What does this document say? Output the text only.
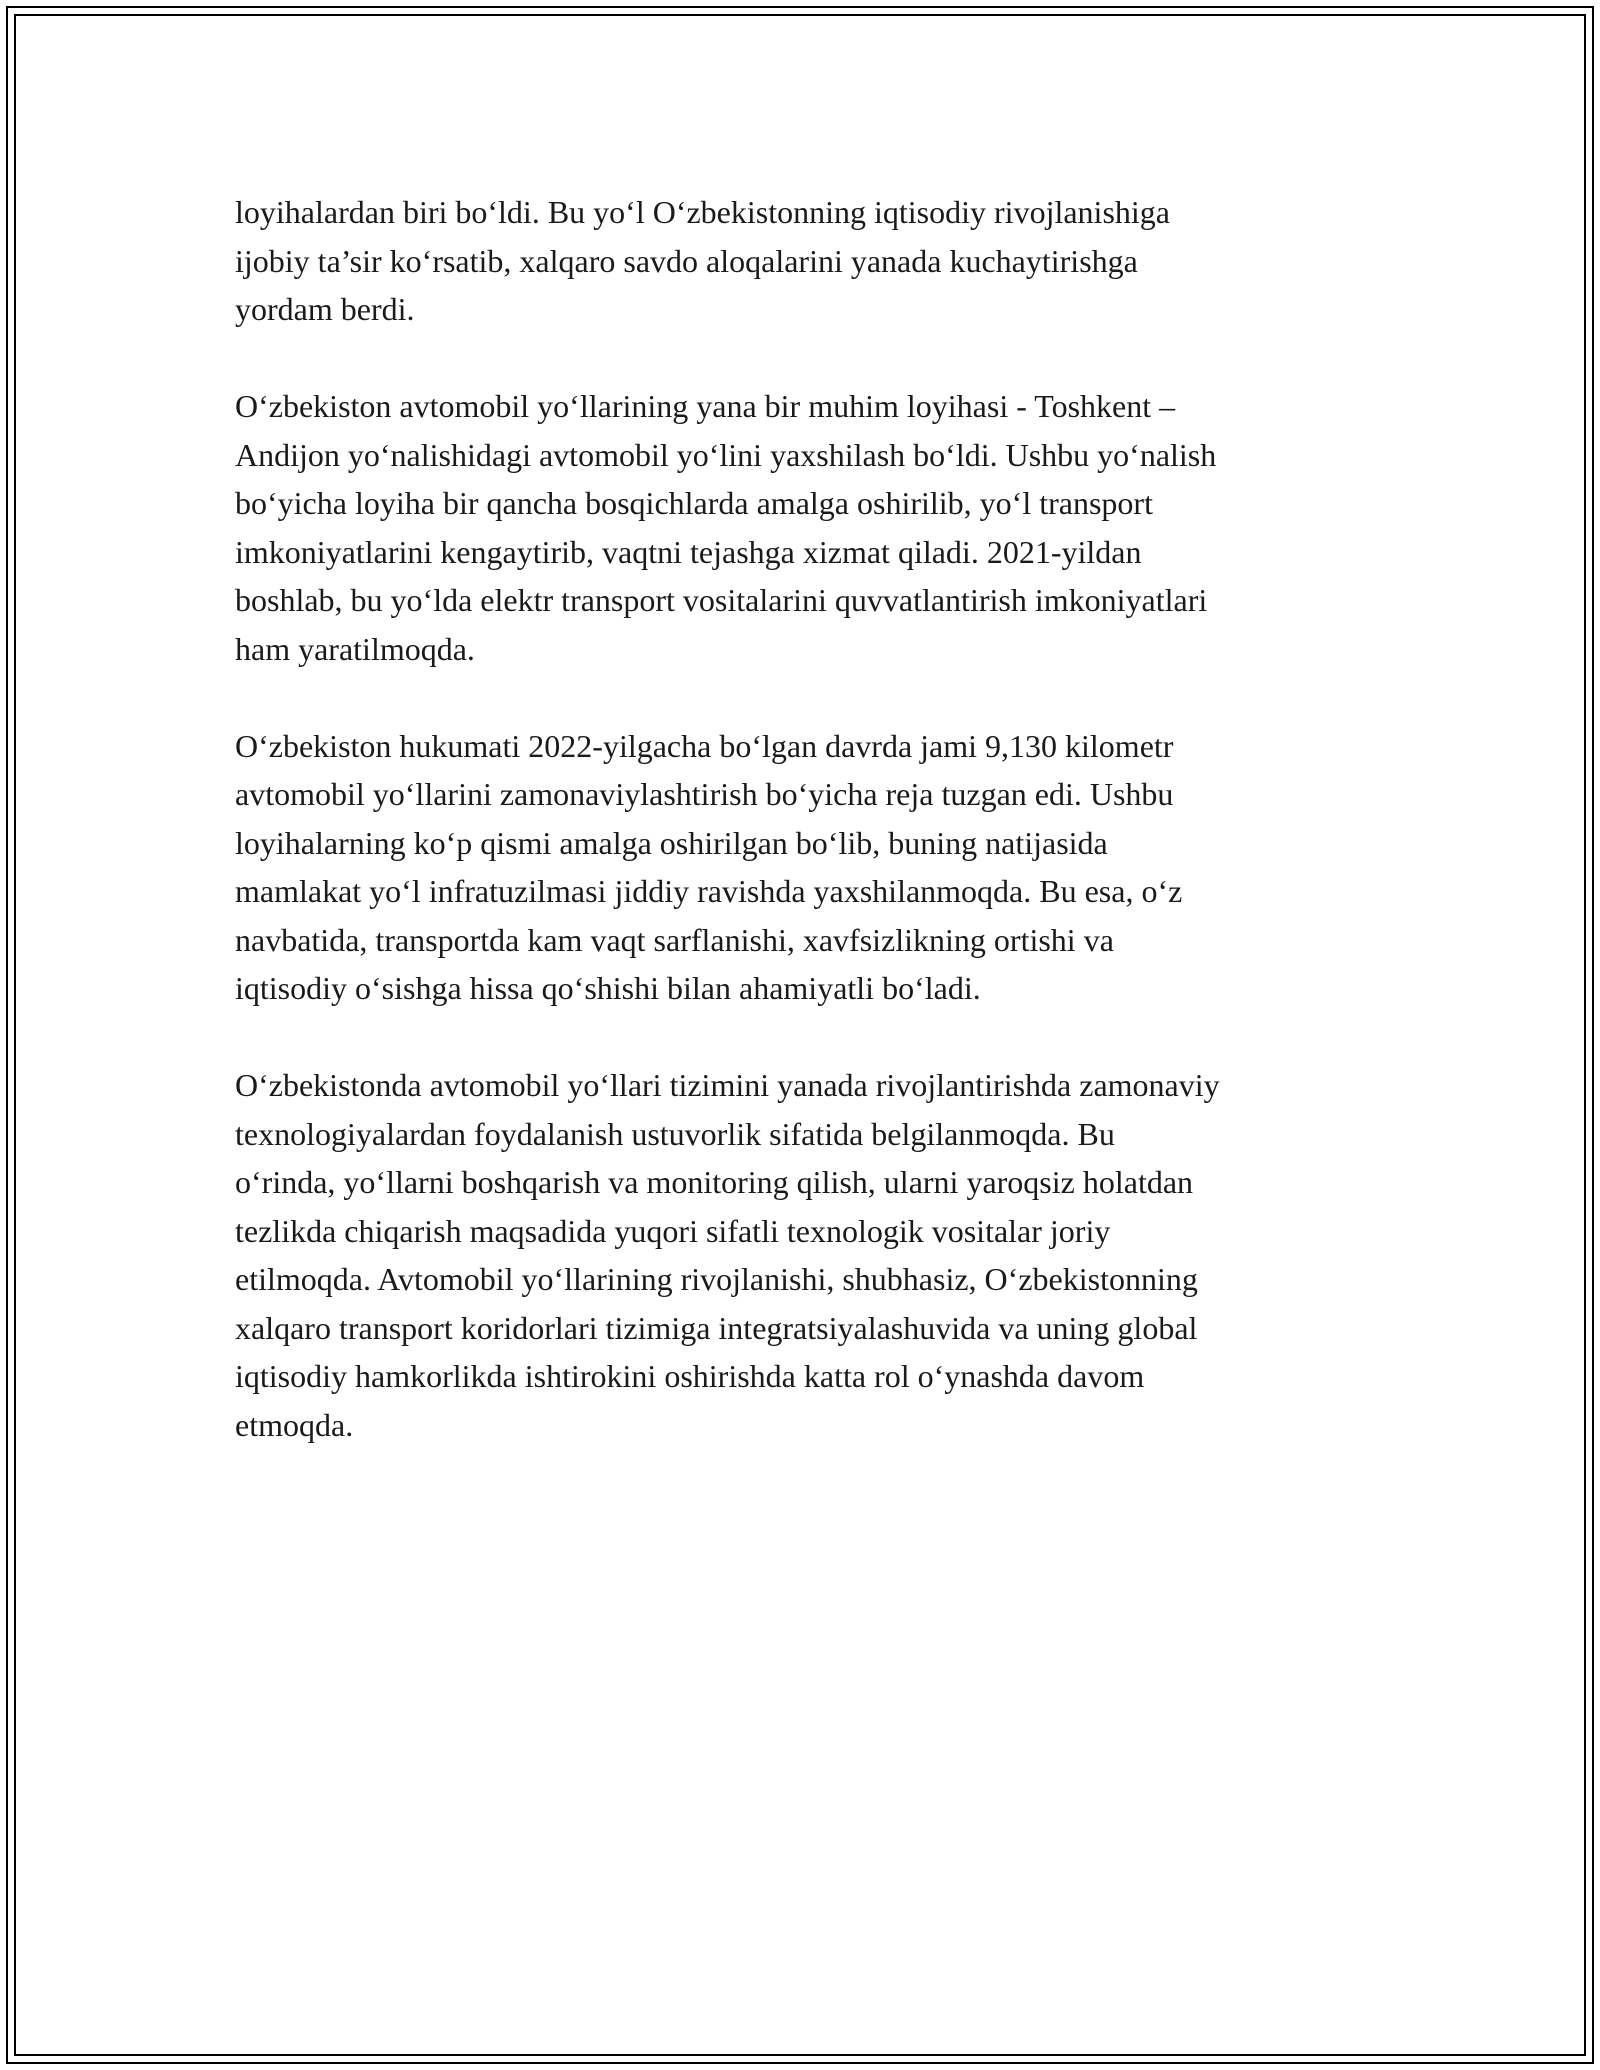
loyihalardan biri bo‘ldi. Bu yo‘l O‘zbekistonning iqtisodiy rivojlanishiga
ijobiy ta’sir ko‘rsatib, xalqaro savdo aloqalarini yanada kuchaytirishga
yordam berdi.

O‘zbekiston avtomobil yo‘llarining yana bir muhim loyihasi - Toshkent –
Andijon yo‘nalishidagi avtomobil yo‘lini yaxshilash bo‘ldi. Ushbu yo‘nalish
bo‘yicha loyiha bir qancha bosqichlarda amalga oshirilib, yo‘l transport
imkoniyatlarini kengaytirib, vaqtni tejashga xizmat qiladi. 2021-yildan
boshlab, bu yo‘lda elektr transport vositalarini quvvatlantirish imkoniyatlari
ham yaratilmoqda.

O‘zbekiston hukumati 2022-yilgacha bo‘lgan davrda jami 9,130 kilometr
avtomobil yo‘llarini zamonaviylashtirish bo‘yicha reja tuzgan edi. Ushbu
loyihalarning ko‘p qismi amalga oshirilgan bo‘lib, buning natijasida
mamlakat yo‘l infratuzilmasi jiddiy ravishda yaxshilanmoqda. Bu esa, o‘z
navbatida, transportda kam vaqt sarflanishi, xavfsizlikning ortishi va
iqtisodiy o‘sishga hissa qo‘shishi bilan ahamiyatli bo‘ladi.

O‘zbekistonda avtomobil yo‘llari tizimini yanada rivojlantirishda zamonaviy
texnologiyalardan foydalanish ustuvorlik sifatida belgilanmoqda. Bu
o‘rinda, yo‘llarni boshqarish va monitoring qilish, ularni yaroqsiz holatdan
tezlikda chiqarish maqsadida yuqori sifatli texnologik vositalar joriy
etilmoqda. Avtomobil yo‘llarining rivojlanishi, shubhasiz, O‘zbekistonning
xalqaro transport koridorlari tizimiga integratsiyalashuvida va uning global
iqtisodiy hamkorlikda ishtirokini oshirishda katta rol o‘ynashda davom
etmoqda.
